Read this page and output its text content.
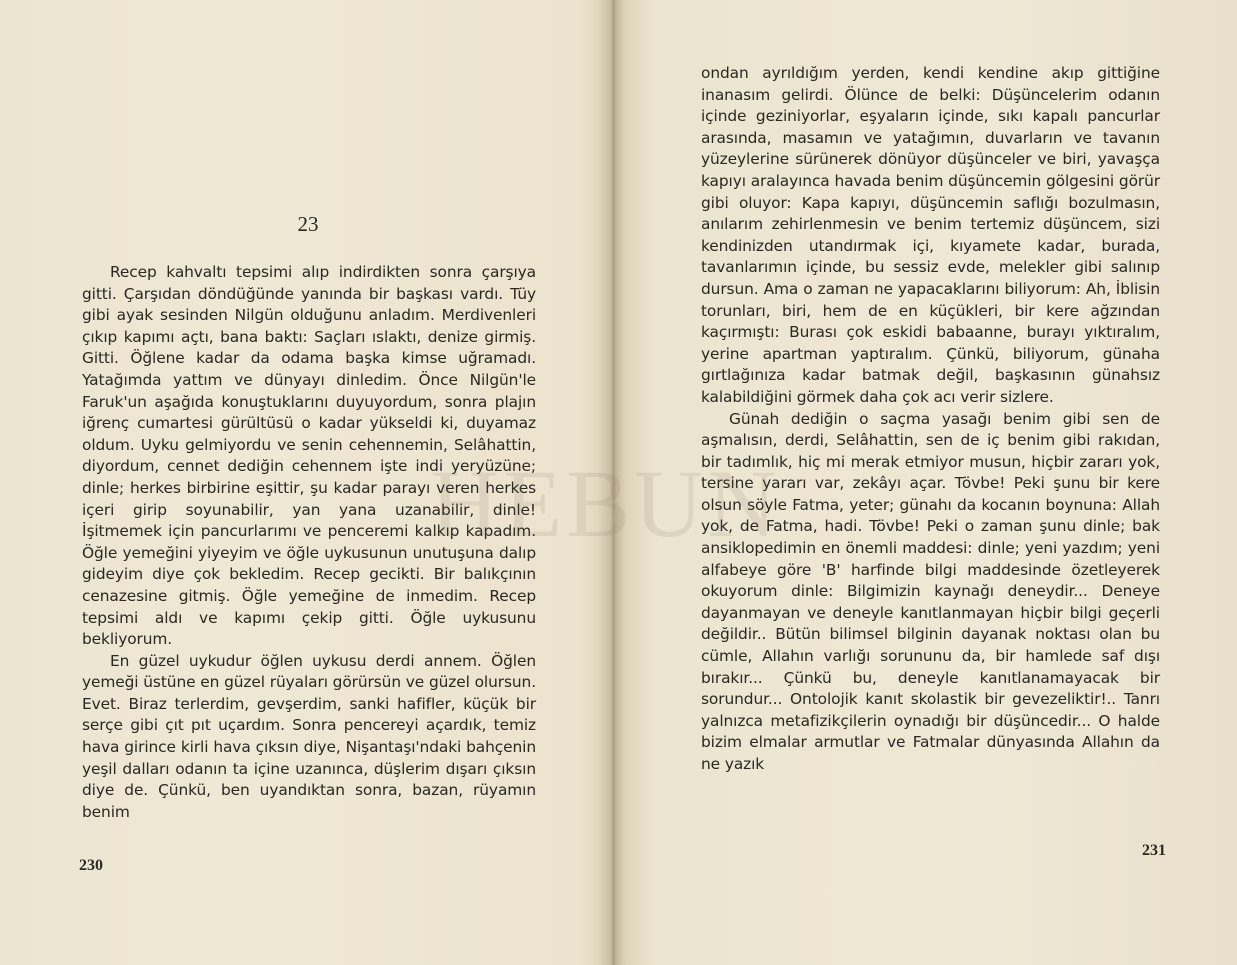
23

Recep kahvaltı tepsimi alıp indirdikten sonra çarşıya gitti. Çarşıdan döndüğünde yanında bir başkası vardı. Tüy gibi ayak sesinden Nilgün olduğunu anladım. Merdivenleri çıkıp kapımı açtı, bana baktı: Saçları ıslaktı, denize girmiş. Gitti. Öğlene kadar da odama başka kimse uğramadı. Yatağımda yattım ve dünyayı dinledim. Önce Nilgün'le Faruk'un aşağıda konuştuklarını duyuyordum, sonra plajın iğrenç cumartesi gürültüsü o kadar yükseldi ki, duyamaz oldum. Uyku gelmiyordu ve senin cehennemin, Selâhattin, diyordum, cennet dediğin cehennem işte indi yeryüzüne; dinle; herkes birbirine eşittir, şu kadar parayı veren herkes içeri girip soyunabilir, yan yana uzanabilir, dinle! İşitmemek için pancurlarımı ve penceremi kalkıp kapadım. Öğle yemeğini yiyeyim ve öğle uykusunun unutuşuna dalıp gideyim diye çok bekledim. Recep gecikti. Bir balıkçının cenazesine gitmiş. Öğle yemeğine de inmedim. Recep tepsimi aldı ve kapımı çekip gitti. Öğle uykusunu bekliyorum.

En güzel uykudur öğlen uykusu derdi annem. Öğlen yemeği üstüne en güzel rüyaları görürsün ve güzel olursun. Evet. Biraz terlerdim, gevşerdim, sanki hafifler, küçük bir serçe gibi çıt pıt uçardım. Sonra pencereyi açardık, temiz hava girince kirli hava çıksın diye, Nişantaşı'ndaki bahçenin yeşil dalları odanın ta içine uzanınca, düşlerim dışarı çıksın diye de. Çünkü, ben uyandıktan sonra, bazan, rüyamın benim

230

ondan ayrıldığım yerden, kendi kendine akıp gittiğine inanasım gelirdi. Ölünce de belki: Düşüncelerim odanın içinde geziniyorlar, eşyaların içinde, sıkı kapalı pancurlar arasında, masamın ve yatağımın, duvarların ve tavanın yüzeylerine sürünerek dönüyor düşünceler ve biri, yavaşça kapıyı aralayınca havada benim düşüncemin gölgesini görür gibi oluyor: Kapa kapıyı, düşüncemin saflığı bozulmasın, anılarım zehirlenmesin ve benim tertemiz düşüncem, sizi kendinizden utandırmak içi, kıyamete kadar, burada, tavanlarımın içinde, bu sessiz evde, melekler gibi salınıp dursun. Ama o zaman ne yapacaklarını biliyorum: Ah, İblisin torunları, biri, hem de en küçükleri, bir kere ağzından kaçırmıştı: Burası çok eskidi babaanne, burayı yıktıralım, yerine apartman yaptıralım. Çünkü, biliyorum, günaha gırtlağınıza kadar batmak değil, başkasının günahsız kalabildiğini görmek daha çok acı verir sizlere.

Günah dediğin o saçma yasağı benim gibi sen de aşmalısın, derdi, Selâhattin, sen de iç benim gibi rakıdan, bir tadımlık, hiç mi merak etmiyor musun, hiçbir zararı yok, tersine yararı var, zekâyı açar. Tövbe! Peki şunu bir kere olsun söyle Fatma, yeter; günahı da kocanın boynuna: Allah yok, de Fatma, hadi. Tövbe! Peki o zaman şunu dinle; bak ansiklopedimin en önemli maddesi: dinle; yeni yazdım; yeni alfabeye göre 'B' harfinde bilgi maddesinde özetleyerek okuyorum dinle: Bilgimizin kaynağı deneydir... Deneye dayanmayan ve deneyle kanıtlanmayan hiçbir bilgi geçerli değildir.. Bütün bilimsel bilginin dayanak noktası olan bu cümle, Allahın varlığı sorununu da, bir hamlede saf dışı bırakır... Çünkü bu, deneyle kanıtlanamayacak bir sorundur... Ontolojik kanıt skolastik bir gevezeliktir!.. Tanrı yalnızca metafizikçilerin oynadığı bir düşüncedir... O halde bizim elmalar armutlar ve Fatmalar dünyasında Allahın da ne yazık

231
HEBUN
